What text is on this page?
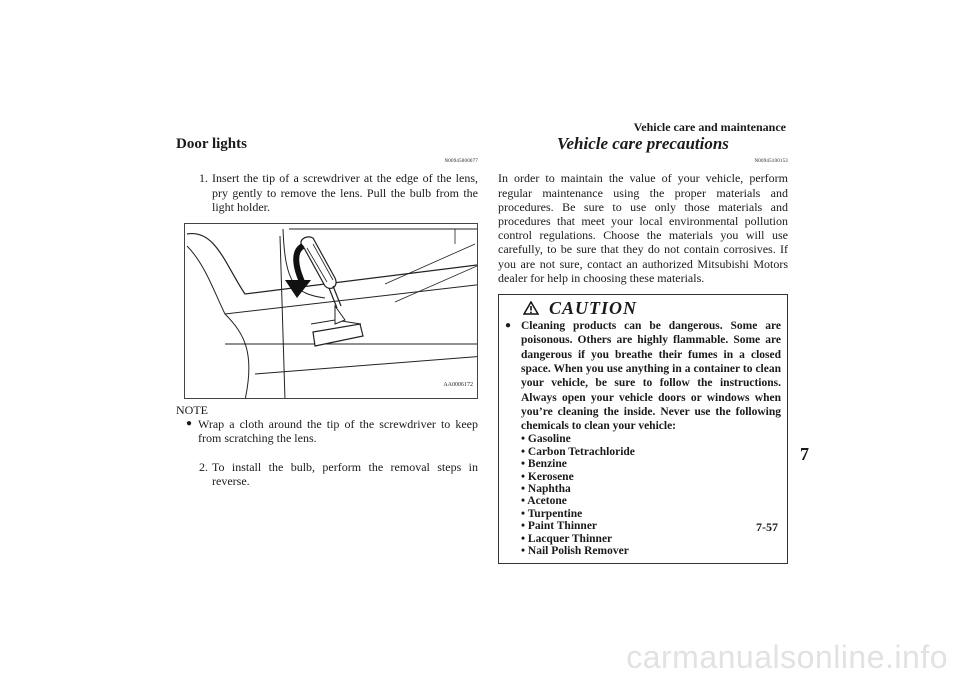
Vehicle care and maintenance
Door lights
N00945000077
1. Insert the tip of a screwdriver at the edge of the lens, pry gently to remove the lens. Pull the bulb from the light holder.
AA0006172
NOTE
● Wrap a cloth around the tip of the screwdriver to keep from scratching the lens.
2. To install the bulb, perform the removal steps in reverse.
Vehicle care precautions
N00945100153

In order to maintain the value of your vehicle, perform regular maintenance using the proper materials and procedures. Be sure to use only those materials and procedures that meet your local environmental pollution control regulations. Choose the materials you will use carefully, to be sure that they do not contain corrosives. If you are not sure, contact an authorized Mitsubishi Motors dealer for help in choosing these materials.

CAUTION
● Cleaning products can be dangerous. Some are poisonous. Others are highly flammable. Some are dangerous if you breathe their fumes in a closed space. When you use anything in a container to clean your vehicle, be sure to follow the instructions. Always open your vehicle doors or windows when you’re cleaning the inside. Never use the following chemicals to clean your vehicle:
• Gasoline
• Carbon Tetrachloride
• Benzine
• Kerosene
• Naphtha
• Acetone
• Turpentine
• Paint Thinner
• Lacquer Thinner
• Nail Polish Remover
7
7-57
carmanualsonline.info
